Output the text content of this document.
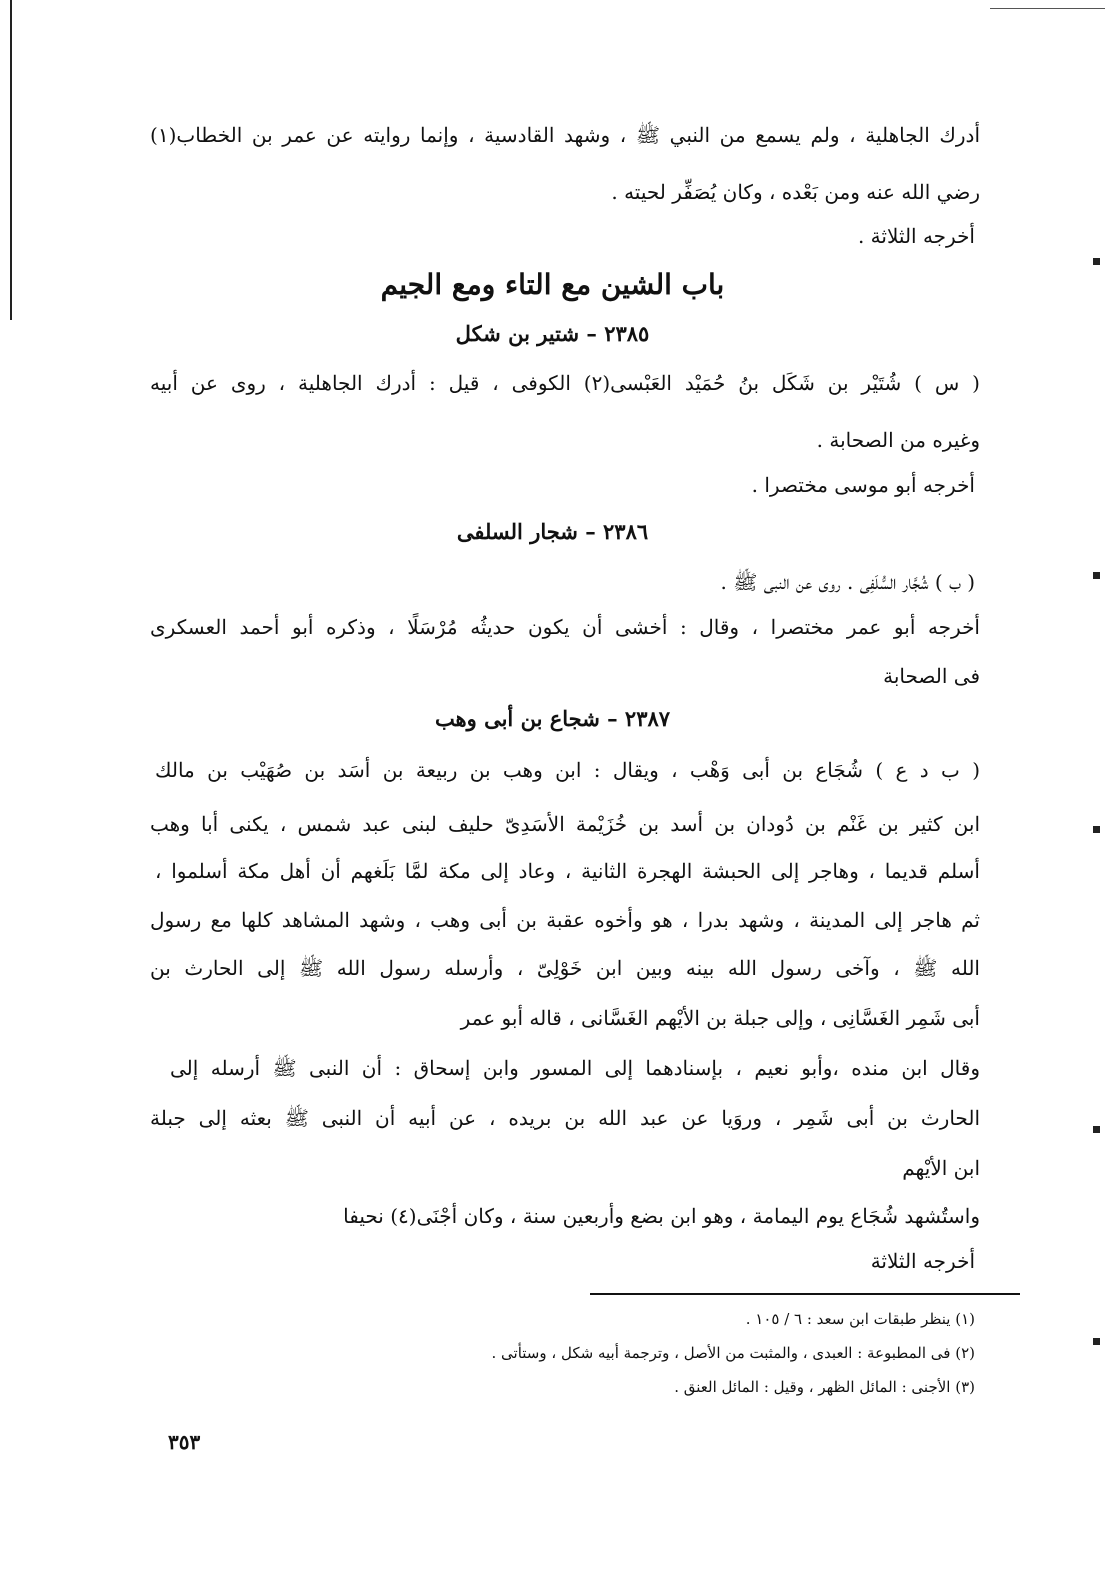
أدرك الجاهلية ، ولم يسمع من النبي ﷺ ، وشهد القادسية ، وإنما روايته عن عمر بن الخطاب(١)
رضي الله عنه ومن بَعْده ، وكان يُصَفِّر لحيته .
أخرجه الثلاثة .
باب الشين مع التاء ومع الجيم
٢٣٨٥ – شتير بن شكل
( س ) شُتَيْر بن شَكَل بنُ حُمَيْد العَبْسى(٢) الكوفى ، قيل : أدرك الجاهلية ، روى عن أبيه
وغيره من الصحابة .
أخرجه أبو موسى مختصرا .
٢٣٨٦ – شجار السلفى
( ب ) شُجَّار السُّلَفِى . روى عن النبى ﷺ .
أخرجه أبو عمر مختصرا ، وقال : أخشى أن يكون حديثُه مُرْسَلًا ، وذكره أبو أحمد العسكرى
فى الصحابة
٢٣٨٧ – شجاع بن أبى وهب
( ب د ع ) شُجَاع بن أبى وَهْب ، ويقال : ابن وهب بن ربيعة بن أسَد بن صُهَيْب بن مالك
ابن كثير بن غَنْم بن دُودان بن أسد بن خُزَيْمة الأسَدِىّ حليف لبنى عبد شمس ، يكنى أبا وهب
أسلم قديما ، وهاجر إلى الحبشة الهجرة الثانية ، وعاد إلى مكة لمَّا بَلَغهم أن أهل مكة أسلموا ،
ثم هاجر إلى المدينة ، وشهد بدرا ، هو وأخوه عقبة بن أبى وهب ، وشهد المشاهد كلها مع رسول
الله ﷺ ، وآخى رسول الله بينه وبين ابن خَوْلِىّ ، وأرسله رسول الله ﷺ إلى الحارث بن
أبى شَمِر الغَسَّانِى ، وإلى جبلة بن الأيْهم الغَسَّانى ، قاله أبو عمر
وقال ابن منده ،وأبو نعيم ، بإسنادهما إلى المسور وابن إسحاق : أن النبى ﷺ أرسله إلى
الحارث بن أبى شَمِر ، وروَيا عن عبد الله بن بريده ، عن أبيه أن النبى ﷺ بعثه إلى جبلة
ابن الأيْهم
واستُشهد شُجَاع يوم اليمامة ، وهو ابن بضع وأربعين سنة ، وكان أجْنَى(٤) نحيفا
أخرجه الثلاثة
(١) ينظر طبقات ابن سعد : ٦ / ١٠٥ .
(٢) فى المطبوعة : العبدى ، والمثبت من الأصل ، وترجمة أبيه شكل ، وستأتى .
(٣) الأجنى : المائل الظهر ، وقيل : المائل العنق .
٣٥٣
